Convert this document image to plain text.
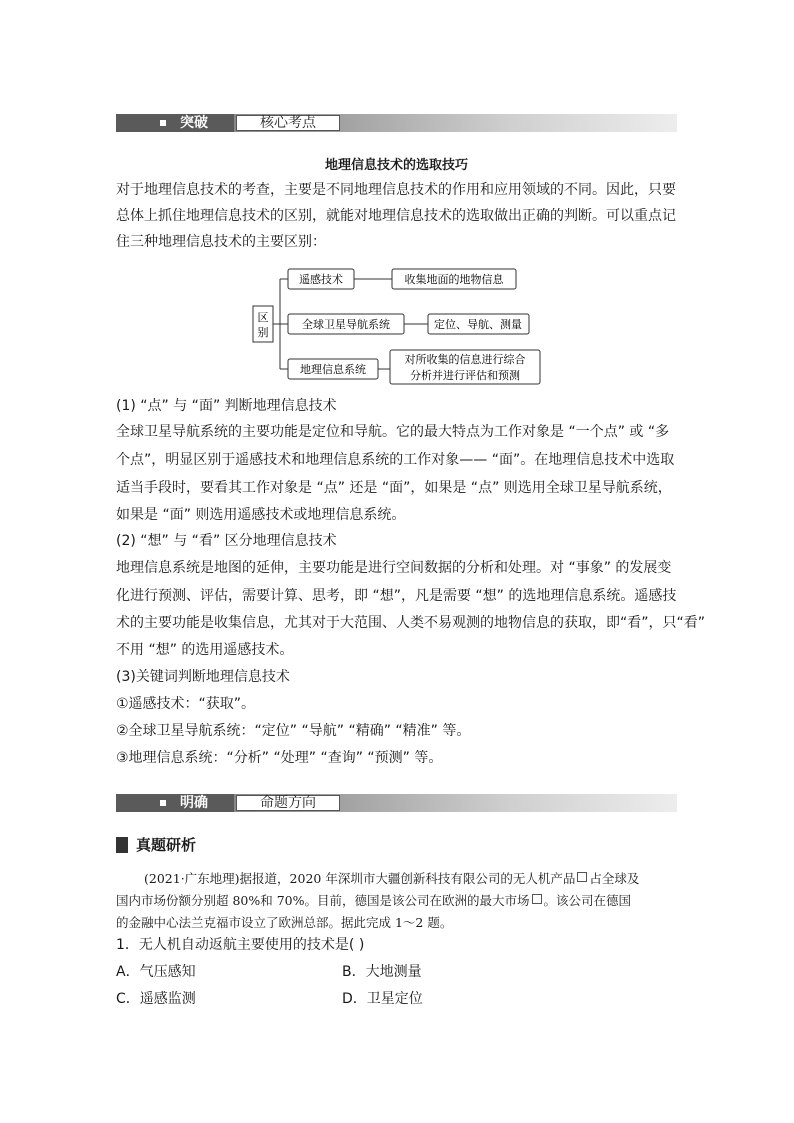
突破	核心考点
地理信息技术的选取技巧
对于地理信息技术的考查，主要是不同地理信息技术的作用和应用领域的不同。因此，只要
总体上抓住地理信息技术的区别，就能对地理信息技术的选取做出正确的判断。可以重点记
住三种地理信息技术的主要区别：
区
别
遥感技术	收集地面的地物信息
全球卫星导航系统	定位、导航、测量
地理信息系统
对所收集的信息进行综合
分析并进行评估和预测
(1) “点” 与 “面” 判断地理信息技术
全球卫星导航系统的主要功能是定位和导航。它的最大特点为工作对象是 “一个点” 或 “多
个点”，明显区别于遥感技术和地理信息系统的工作对象—— “面”。在地理信息技术中选取
适当手段时，要看其工作对象是 “点” 还是 “面”，如果是 “点” 则选用全球卫星导航系统，
如果是 “面” 则选用遥感技术或地理信息系统。
(2) “想” 与 “看” 区分地理信息技术
地理信息系统是地图的延伸，主要功能是进行空间数据的分析和处理。对 “事象” 的发展变
化进行预测、评估，需要计算、思考，即 “想”，凡是需要 “想” 的选地理信息系统。遥感技
术的主要功能是收集信息，尤其对于大范围、人类不易观测的地物信息的获取，即“看”，只“看”
不用 “想” 的选用遥感技术。
(3)关键词判断地理信息技术
①遥感技术：“获取”。
②全球卫星导航系统：“定位” “导航” “精确” “精准” 等。
③地理信息系统：“分析” “处理” “查询” “预测” 等。
明确	命题方向
真题研析
(2021·广东地理)据报道，2020 年深圳市大疆创新科技有限公司的无人机产品 占全球及
国内市场份额分别超 80%和 70%。目前，德国是该公司在欧洲的最大市场 。该公司在德国
的金融中心法兰克福市设立了欧洲总部。据此完成 1～2 题。
1．无人机自动返航主要使用的技术是( )
A．气压感知	B．大地测量
C．遥感监测	D．卫星定位
